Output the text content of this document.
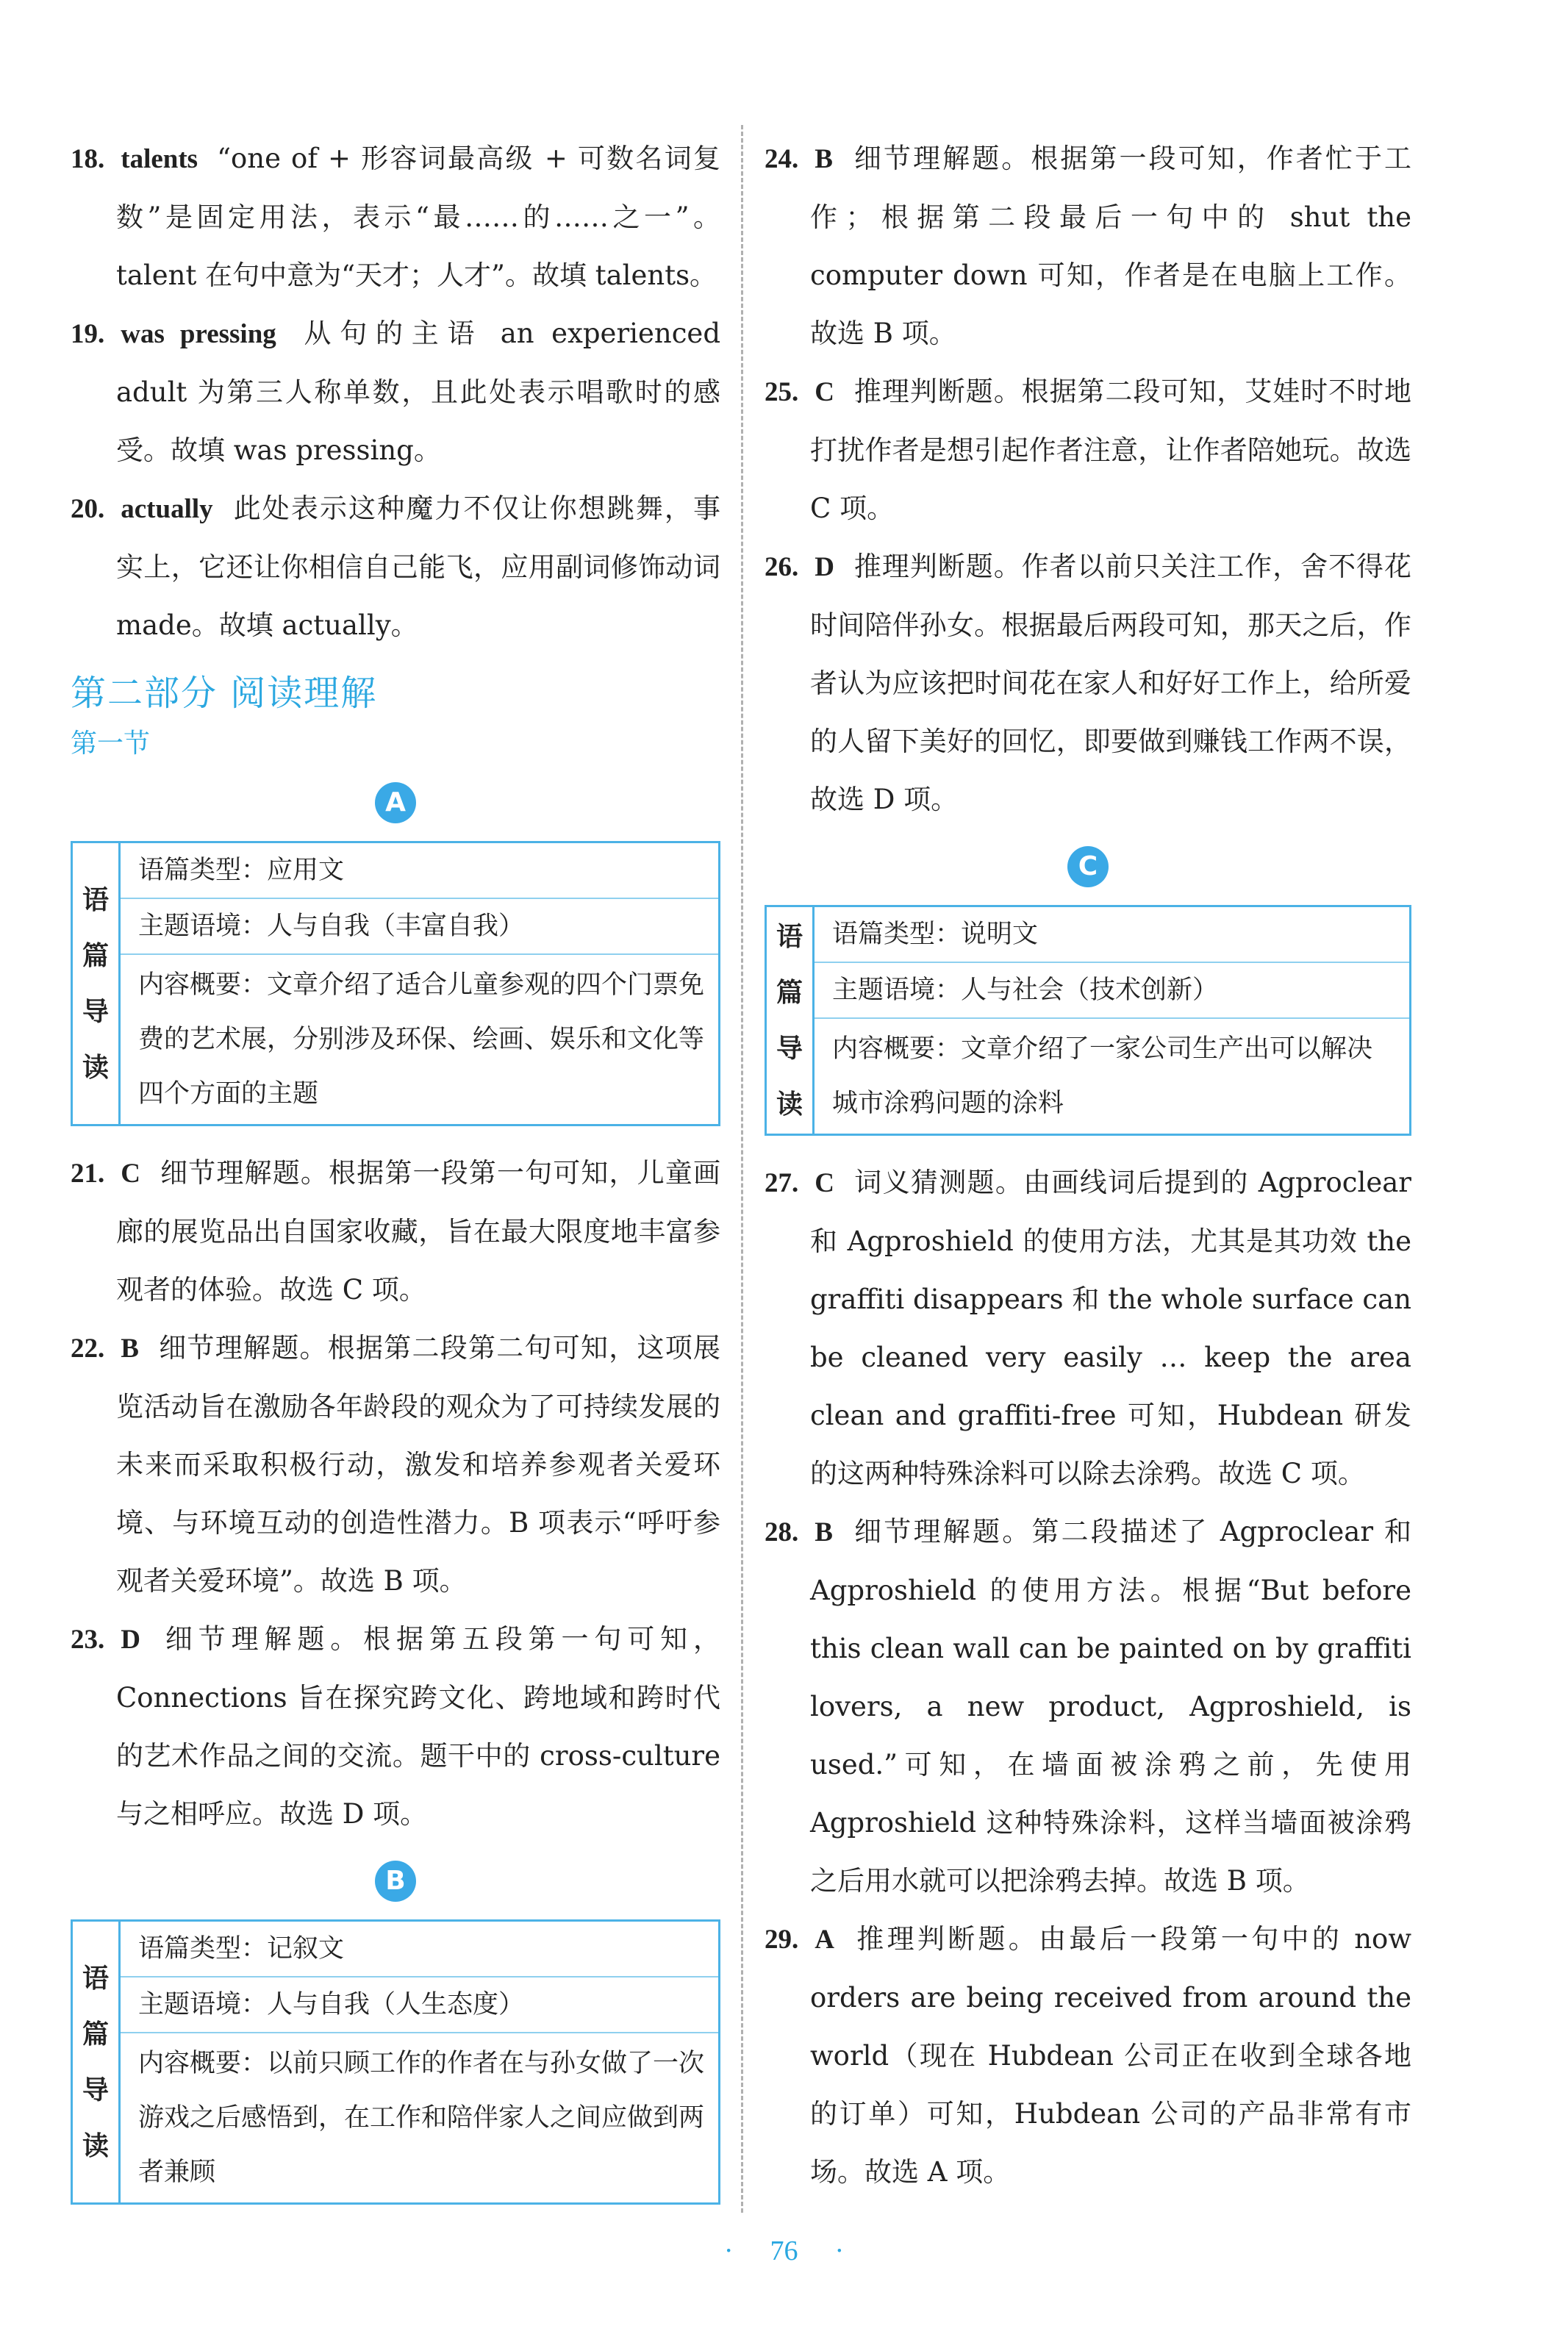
18. talents “one of + 形容词最高级 + 可数名词复数”是固定用法，表示“最……的……之一”。talent 在句中意为“天才；人才”。故填 talents。

19. was pressing 从句的主语 an experienced adult 为第三人称单数，且此处表示唱歌时的感受。故填 was pressing。

20. actually 此处表示这种魔力不仅让你想跳舞，事实上，它还让你相信自己能飞，应用副词修饰动词 made。故填 actually。

第二部分 阅读理解
第一节
A
语
篇
导
读
语篇类型：应用文
主题语境：人与自我（丰富自我）
内容概要：文章介绍了适合儿童参观的四个门票免费的艺术展，分别涉及环保、绘画、娱乐和文化等四个方面的主题

21. C 细节理解题。根据第一段第一句可知，儿童画廊的展览品出自国家收藏，旨在最大限度地丰富参观者的体验。故选 C 项。

22. B 细节理解题。根据第二段第二句可知，这项展览活动旨在激励各年龄段的观众为了可持续发展的未来而采取积极行动，激发和培养参观者关爱环境、与环境互动的创造性潜力。B 项表示“呼吁参观者关爱环境”。故选 B 项。

23. D 细节理解题。根据第五段第一句可知，Connections 旨在探究跨文化、跨地域和跨时代的艺术作品之间的交流。题干中的 cross-culture 与之相呼应。故选 D 项。

B
语
篇
导
读
语篇类型：记叙文
主题语境：人与自我（人生态度）
内容概要：以前只顾工作的作者在与孙女做了一次游戏之后感悟到，在工作和陪伴家人之间应做到两者兼顾

24. B 细节理解题。根据第一段可知，作者忙于工作；根据第二段最后一句中的 shut the computer down 可知，作者是在电脑上工作。故选 B 项。

25. C 推理判断题。根据第二段可知，艾娃时不时地打扰作者是想引起作者注意，让作者陪她玩。故选 C 项。

26. D 推理判断题。作者以前只关注工作，舍不得花时间陪伴孙女。根据最后两段可知，那天之后，作者认为应该把时间花在家人和好好工作上，给所爱的人留下美好的回忆，即要做到赚钱工作两不误，故选 D 项。

C
语
篇
导
读
语篇类型：说明文
主题语境：人与社会（技术创新）
内容概要：文章介绍了一家公司生产出可以解决城市涂鸦问题的涂料

27. C 词义猜测题。由画线词后提到的 Agproclear 和 Agproshield 的使用方法，尤其是其功效 the graffiti disappears 和 the whole surface can be cleaned very easily … keep the area clean and graffiti-free 可知，Hubdean 研发的这两种特殊涂料可以除去涂鸦。故选 C 项。

28. B 细节理解题。第二段描述了 Agproclear 和 Agproshield 的使用方法。根据“But before this clean wall can be painted on by graffiti lovers, a new product, Agproshield, is used.”可知，在墙面被涂鸦之前，先使用 Agproshield 这种特殊涂料，这样当墙面被涂鸦之后用水就可以把涂鸦去掉。故选 B 项。

29. A 推理判断题。由最后一段第一句中的 now orders are being received from around the world（现在 Hubdean 公司正在收到全球各地的订单）可知，Hubdean 公司的产品非常有市场。故选 A 项。

· 76 ·
